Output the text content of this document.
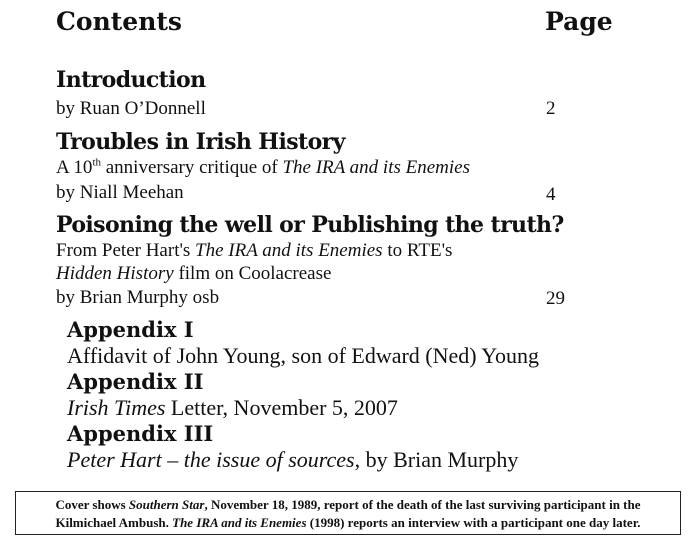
Contents	Page
Introduction
by Ruan O’Donnell	2
Troubles in Irish History
A 10th anniversary critique of The IRA and its Enemies
by Niall Meehan	4
Poisoning the well or Publishing the truth?
From Peter Hart's The IRA and its Enemies to RTE's
Hidden History film on Coolacrease
by Brian Murphy osb	29
Appendix I
Affidavit of John Young, son of Edward (Ned) Young
Appendix II
Irish Times Letter, November 5, 2007
Appendix III
Peter Hart – the issue of sources, by Brian Murphy
Cover shows Southern Star, November 18, 1989, report of the death of the last surviving participant in the
Kilmichael Ambush. The IRA and its Enemies (1998) reports an interview with a participant one day later.
